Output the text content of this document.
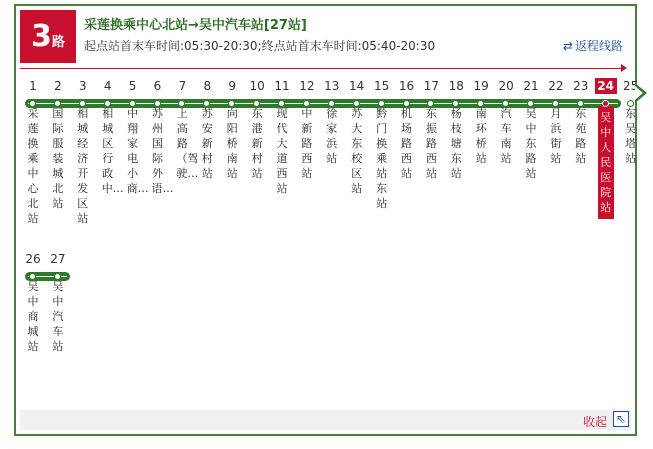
3路
采莲换乘中心北站→吴中汽车站[27站]
起点站首末车时间:05:30-20:30;终点站首末车时间:05:40-20:30	⇄ 返程线路
1
采莲换乘中心北站
2
国际服装城北站
3
相城经济开发区站
4
相城区行政中…
5
中翔家电小商…
6
苏州国际外语…
7
上高路（驾驶…
8
苏安新村站
9
向阳桥南站
10
东港新村站
11
现代大道西站
12
中新路西站
13
徐家浜站
14
苏大东校区站
15
黔门换乘站东站
16
机场路西站
17
东振路西站
18
杨枝塘东站
19
南环桥站
20
汽车南站
21
吴中东路站
22
月浜街站
23
东苑路站
24
吴中人民医院站
25
东吴塔站
26
吴中商城站
27
吴中汽车站
收起 ⇖
